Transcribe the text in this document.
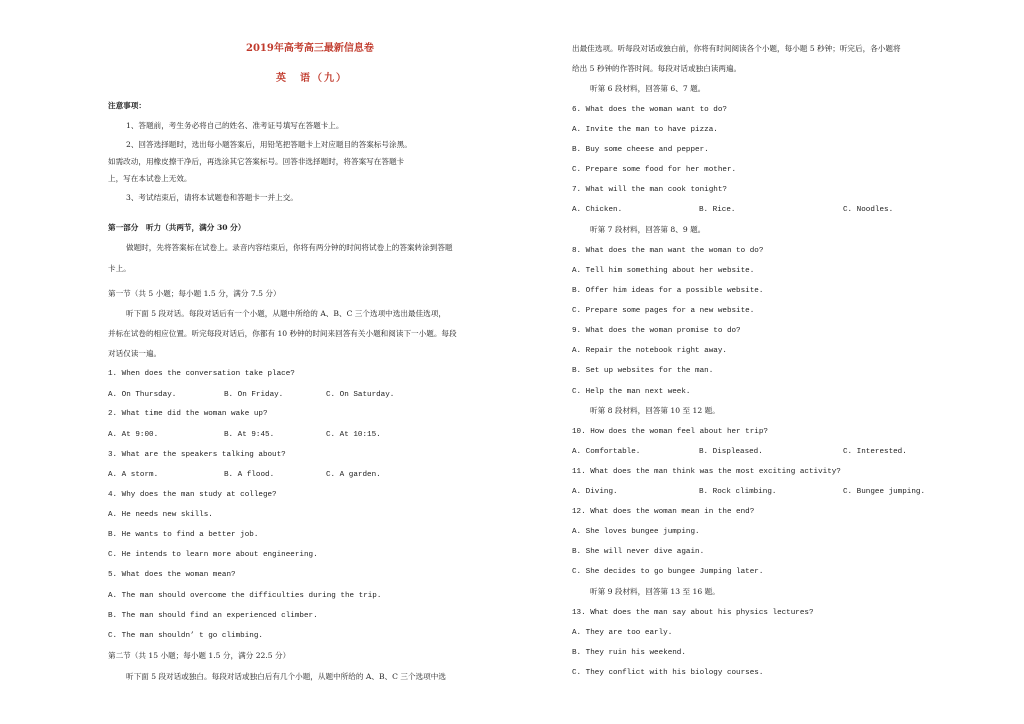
2019年高考高三最新信息卷
英　语（九）
注意事项：
1、答题前，考生务必将自己的姓名、准考证号填写在答题卡上。
2、回答选择题时，选出每小题答案后，用铅笔把答题卡上对应题目的答案标号涂黑。
如需改动，用橡皮擦干净后，再选涂其它答案标号。回答非选择题时，将答案写在答题卡
上，写在本试卷上无效。
3、考试结束后，请将本试题卷和答题卡一并上交。
第一部分　听力（共两节，满分 30 分）
做题时，先将答案标在试卷上。录音内容结束后，你将有两分钟的时间将试卷上的答案转涂到答题
卡上。
第一节（共 5 小题；每小题 1.5 分，满分 7.5 分）
听下面 5 段对话。每段对话后有一个小题，从题中所给的 A、B、C 三个选项中选出最佳选项，
并标在试卷的相应位置。听完每段对话后，你都有 10 秒钟的时间来回答有关小题和阅读下一小题。每段
对话仅读一遍。
1. When does the conversation take place?
A. On Thursday.	B. On Friday.	C. On Saturday.
2. What time did the woman wake up?
A. At 9:00.	B. At 9:45.	C. At 10:15.
3. What are the speakers talking about?
A. A storm.	B. A flood.	C. A garden.
4. Why does the man study at college?
A. He needs new skills.
B. He wants to find a better job.
C. He intends to learn more about engineering.
5. What does the woman mean?
A. The man should overcome the difficulties during the trip.
B. The man should find an experienced climber.
C. The man shouldn’ t go climbing.
第二节（共 15 小题；每小题 1.5 分，满分 22.5 分）
听下面 5 段对话或独白。每段对话或独白后有几个小题，从题中所给的 A、B、C 三个选项中选
出最佳选项。听每段对话或独白前，你将有时间阅读各个小题，每小题 5 秒钟；听完后，各小题将
给出 5 秒钟的作答时间。每段对话或独白读两遍。
听第 6 段材料，回答第 6、7 题。
6. What does the woman want to do?
A. Invite the man to have pizza.
B. Buy some cheese and pepper.
C. Prepare some food for her mother.
7. What will the man cook tonight?
A. Chicken.	B. Rice.	C. Noodles.
听第 7 段材料，回答第 8、9 题。
8. What does the man want the woman to do?
A. Tell him something about her website.
B. Offer him ideas for a possible website.
C. Prepare some pages for a new website.
9. What does the woman promise to do?
A. Repair the notebook right away.
B. Set up websites for the man.
C. Help the man next week.
听第 8 段材料，回答第 10 至 12 题。
10. How does the woman feel about her trip?
A. Comfortable.	B. Displeased.	C. Interested.
11. What does the man think was the most exciting activity?
A. Diving.	B. Rock climbing.	C. Bungee jumping.
12. What does the woman mean in the end?
A. She loves bungee jumping.
B. She will never dive again.
C. She decides to go bungee Jumping later.
听第 9 段材料，回答第 13 至 16 题。
13. What does the man say about his physics lectures?
A. They are too early.
B. They ruin his weekend.
C. They conflict with his biology courses.
